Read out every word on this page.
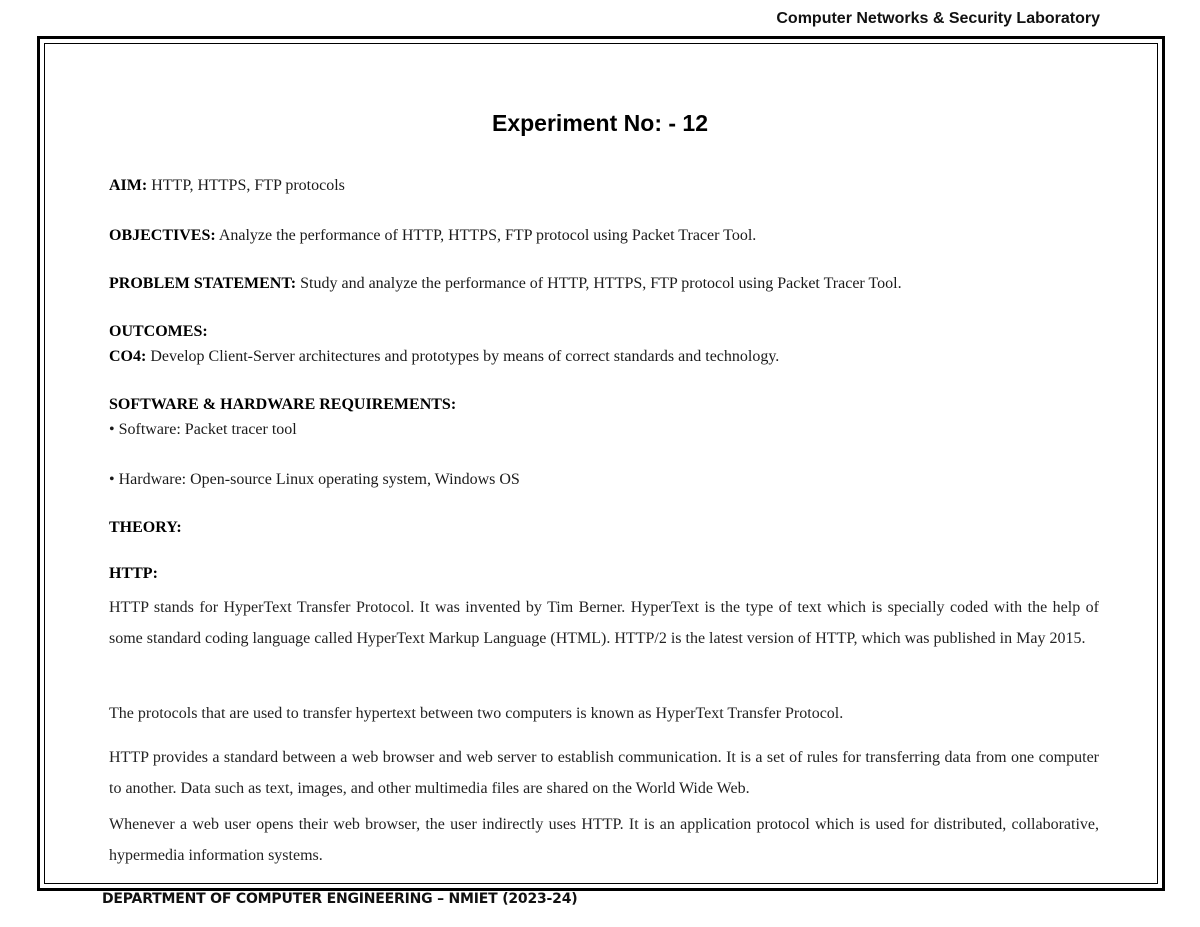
Computer Networks & Security Laboratory
Experiment No: - 12
AIM: HTTP, HTTPS, FTP protocols
OBJECTIVES: Analyze the performance of HTTP, HTTPS, FTP protocol using Packet Tracer Tool.
PROBLEM STATEMENT: Study and analyze the performance of HTTP, HTTPS, FTP protocol using Packet Tracer Tool.
OUTCOMES:
CO4: Develop Client-Server architectures and prototypes by means of correct standards and technology.
SOFTWARE & HARDWARE REQUIREMENTS:
• Software: Packet tracer tool
• Hardware: Open-source Linux operating system, Windows OS
THEORY:
HTTP:
HTTP stands for HyperText Transfer Protocol. It was invented by Tim Berner. HyperText is the type of text which is specially coded with the help of some standard coding language called HyperText Markup Language (HTML). HTTP/2 is the latest version of HTTP, which was published in May 2015.
The protocols that are used to transfer hypertext between two computers is known as HyperText Transfer Protocol.
HTTP provides a standard between a web browser and web server to establish communication. It is a set of rules for transferring data from one computer to another. Data such as text, images, and other multimedia files are shared on the World Wide Web.
Whenever a web user opens their web browser, the user indirectly uses HTTP. It is an application protocol which is used for distributed, collaborative, hypermedia information systems.
DEPARTMENT OF COMPUTER ENGINEERING – NMIET (2023-24)
